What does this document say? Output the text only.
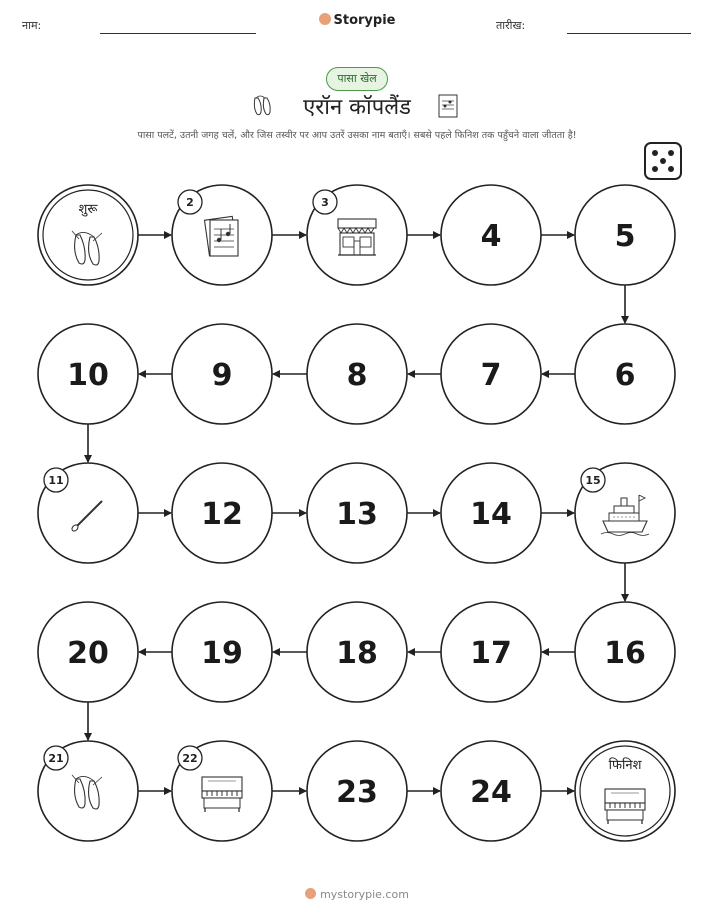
नाम:	Storypie	तारीख:
पासा खेल
एरॉन कॉपलैंड
पासा पलटें, उतनी जगह चलें, और जिस तस्वीर पर आप उतरें उसका नाम बताएँ। सबसे पहले फिनिश तक पहुँचने वाला जीतता है!
शुरू	2	3
4	5
6
7
8
9
10
11
12	13	14
15
16
17
18
19
20
21	22
23	24
फिनिश
mystorypie.com
